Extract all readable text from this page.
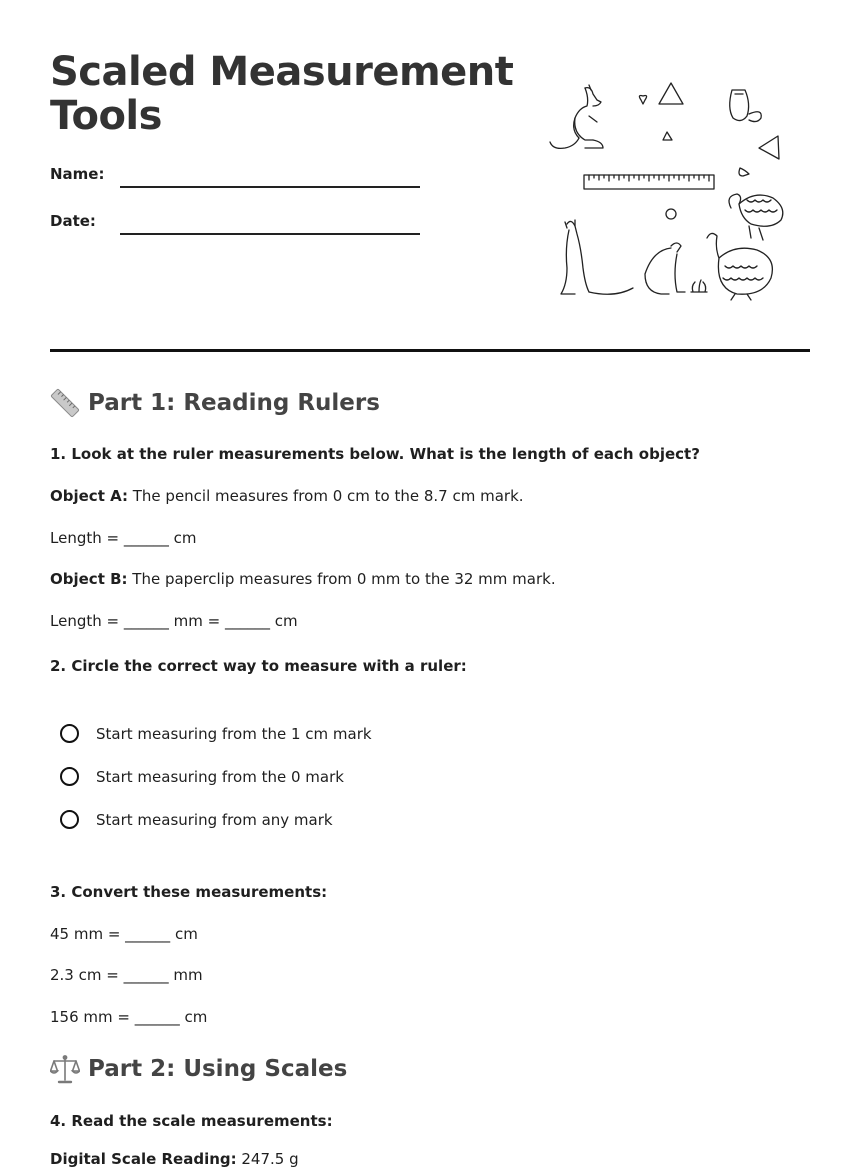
Scaled Measurement
Tools
Name:
Date:
Part 1: Reading Rulers
1. Look at the ruler measurements below. What is the length of each object?
Object A: The pencil measures from 0 cm to the 8.7 cm mark.
Length = ______ cm
Object B: The paperclip measures from 0 mm to the 32 mm mark.
Length = ______ mm = ______ cm
2. Circle the correct way to measure with a ruler:
Start measuring from the 1 cm mark
Start measuring from the 0 mark
Start measuring from any mark
3. Convert these measurements:
45 mm = ______ cm
2.3 cm = ______ mm
156 mm = ______ cm
Part 2: Using Scales
4. Read the scale measurements:
Digital Scale Reading: 247.5 g
